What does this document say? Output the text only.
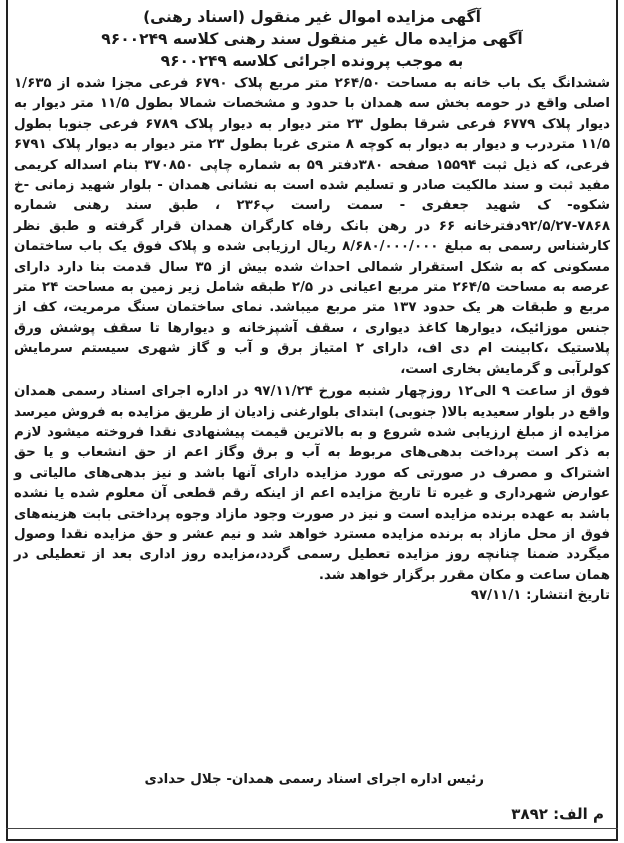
آگهی مزایده اموال غیر منقول (اسناد رهنی)

آگهی مزایده مال غیر منقول سند رهنی کلاسه ۹۶۰۰۲۴۹

به موجب پرونده اجرائی کلاسه ۹۶۰۰۲۴۹

ششدانگ یک باب خانه به مساحت ۲۶۴/۵۰ متر مربع پلاک ۶۷۹۰ فرعی مجزا شده از ۱/۶۳۵ اصلی واقع در حومه بخش سه همدان با حدود و مشخصات شمالا بطول ۱۱/۵ متر دیوار به دیوار پلاک ۶۷۷۹ فرعی شرقا بطول ۲۳ متر دیوار به دیوار پلاک ۶۷۸۹ فرعی جنوبا بطول ۱۱/۵ متردرب و دیوار به دیوار به کوچه ۸ متری غربا بطول ۲۳ متر دیوار به دیوار پلاک ۶۷۹۱ فرعی، که ذیل ثبت ۱۵۵۹۴ صفحه ۳۸۰دفتر ۵۹ به شماره چاپی ۳۷۰۸۵۰ بنام اسداله کریمی مفید ثبت و سند مالکیت صادر و تسلیم شده است به نشانی همدان - بلوار شهید زمانی -خ شکوه- ک شهید جعفری - سمت راست پ۲۳۶ ، طبق سند رهنی شماره ۷۸۶۸-۹۲/۵/۲۷دفترخانه ۶۶ در رهن بانک رفاه کارگران همدان قرار گرفته و طبق نظر کارشناس رسمی به مبلغ ۸/۶۸۰/۰۰۰/۰۰۰ ریال ارزیابی شده و پلاک فوق یک باب ساختمان مسکونی که به شکل استقرار شمالی احداث شده بیش از ۳۵ سال قدمت بنا دارد دارای عرصه به مساحت ۲۶۴/۵ متر مربع اعیانی در ۲/۵ طبقه شامل زیر زمین به مساحت ۲۴ متر مربع و طبقات هر یک حدود ۱۳۷ متر مربع میباشد. نمای ساختمان سنگ مرمریت، کف از جنس موزائیک، دیوارها کاغذ دیواری ، سقف آشپزخانه و دیوارها تا سقف پوشش ورق پلاستیک ،کابینت ام دی اف، دارای ۲ امتیاز برق و آب و گاز شهری سیستم سرمایش کولرآبی و گرمایش بخاری است،

فوق از ساعت ۹ الی۱۲ روزچهار شنبه مورخ ۹۷/۱۱/۲۴ در اداره اجرای اسناد رسمی همدان واقع در بلوار سعیدیه بالا( جنوبی) ابتدای بلوارغنی زادیان از طریق مزایده به فروش میرسد مزایده از مبلغ ارزیابی شده شروع و به بالاترین قیمت پیشنهادی نقدا فروخته میشود لازم به ذکر است پرداخت بدهی‌های مربوط به آب و برق وگاز اعم از حق انشعاب و یا حق اشتراک و مصرف در صورتی که مورد مزایده دارای آنها باشد و نیز بدهی‌های مالیاتی و عوارض شهرداری و غیره تا تاریخ مزایده اعم از اینکه رقم قطعی آن معلوم شده یا نشده باشد به عهده برنده مزایده است و نیز در صورت وجود مازاد وجوه پرداختی بابت هزینه‌های فوق از محل مازاد به برنده مزایده مسترد خواهد شد و نیم عشر و حق مزایده نقدا وصول میگردد ضمنا چنانچه روز مزایده تعطیل رسمی گردد،مزایده روز اداری بعد از تعطیلی در همان ساعت و مکان مقرر برگزار خواهد شد.

تاریخ انتشار: ۹۷/۱۱/۱

رئیس اداره اجرای اسناد رسمی همدان- جلال حدادی
م الف: ۳۸۹۲
